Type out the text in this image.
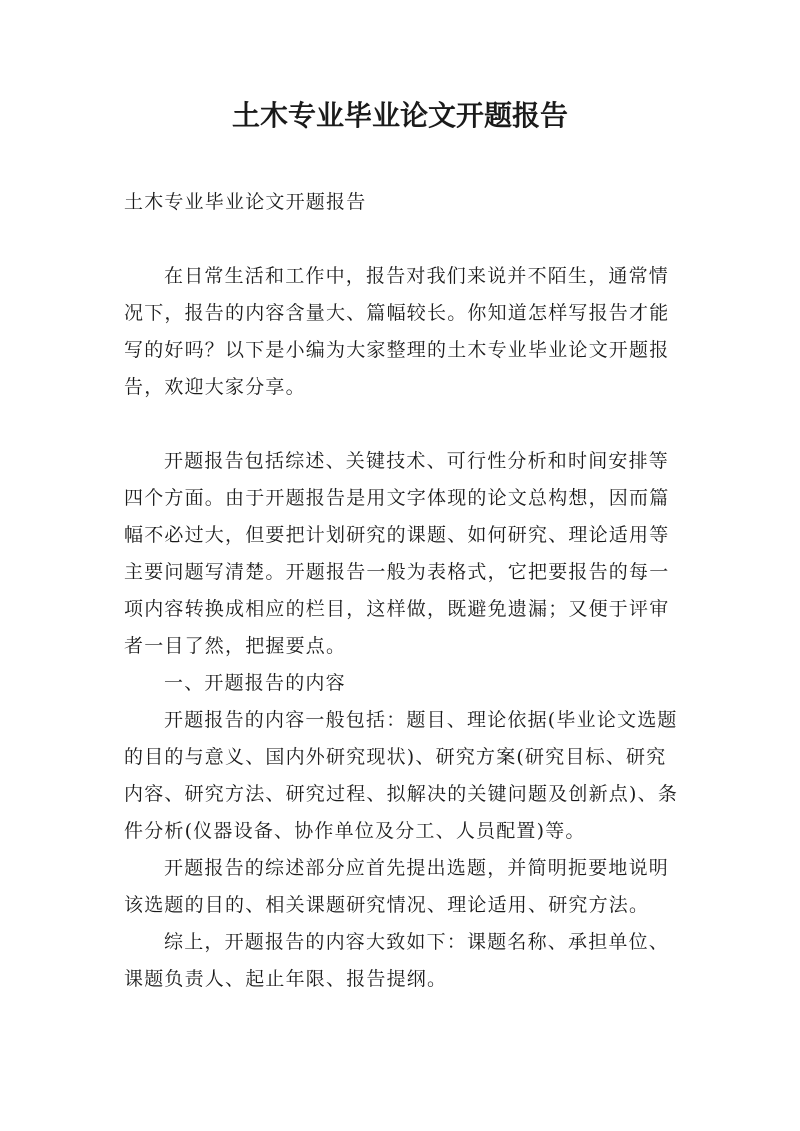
土木专业毕业论文开题报告

土木专业毕业论文开题报告

在日常生活和工作中，报告对我们来说并不陌生，通常情况下，报告的内容含量大、篇幅较长。你知道怎样写报告才能写的好吗？以下是小编为大家整理的土木专业毕业论文开题报告，欢迎大家分享。

开题报告包括综述、关键技术、可行性分析和时间安排等四个方面。由于开题报告是用文字体现的论文总构想，因而篇幅不必过大，但要把计划研究的课题、如何研究、理论适用等主要问题写清楚。开题报告一般为表格式，它把要报告的每一项内容转换成相应的栏目，这样做，既避免遗漏；又便于评审者一目了然，把握要点。

一、开题报告的内容

开题报告的内容一般包括：题目、理论依据(毕业论文选题的目的与意义、国内外研究现状)、研究方案(研究目标、研究内容、研究方法、研究过程、拟解决的关键问题及创新点)、条件分析(仪器设备、协作单位及分工、人员配置)等。

开题报告的综述部分应首先提出选题，并简明扼要地说明该选题的目的、相关课题研究情况、理论适用、研究方法。

综上，开题报告的内容大致如下：课题名称、承担单位、课题负责人、起止年限、报告提纲。
